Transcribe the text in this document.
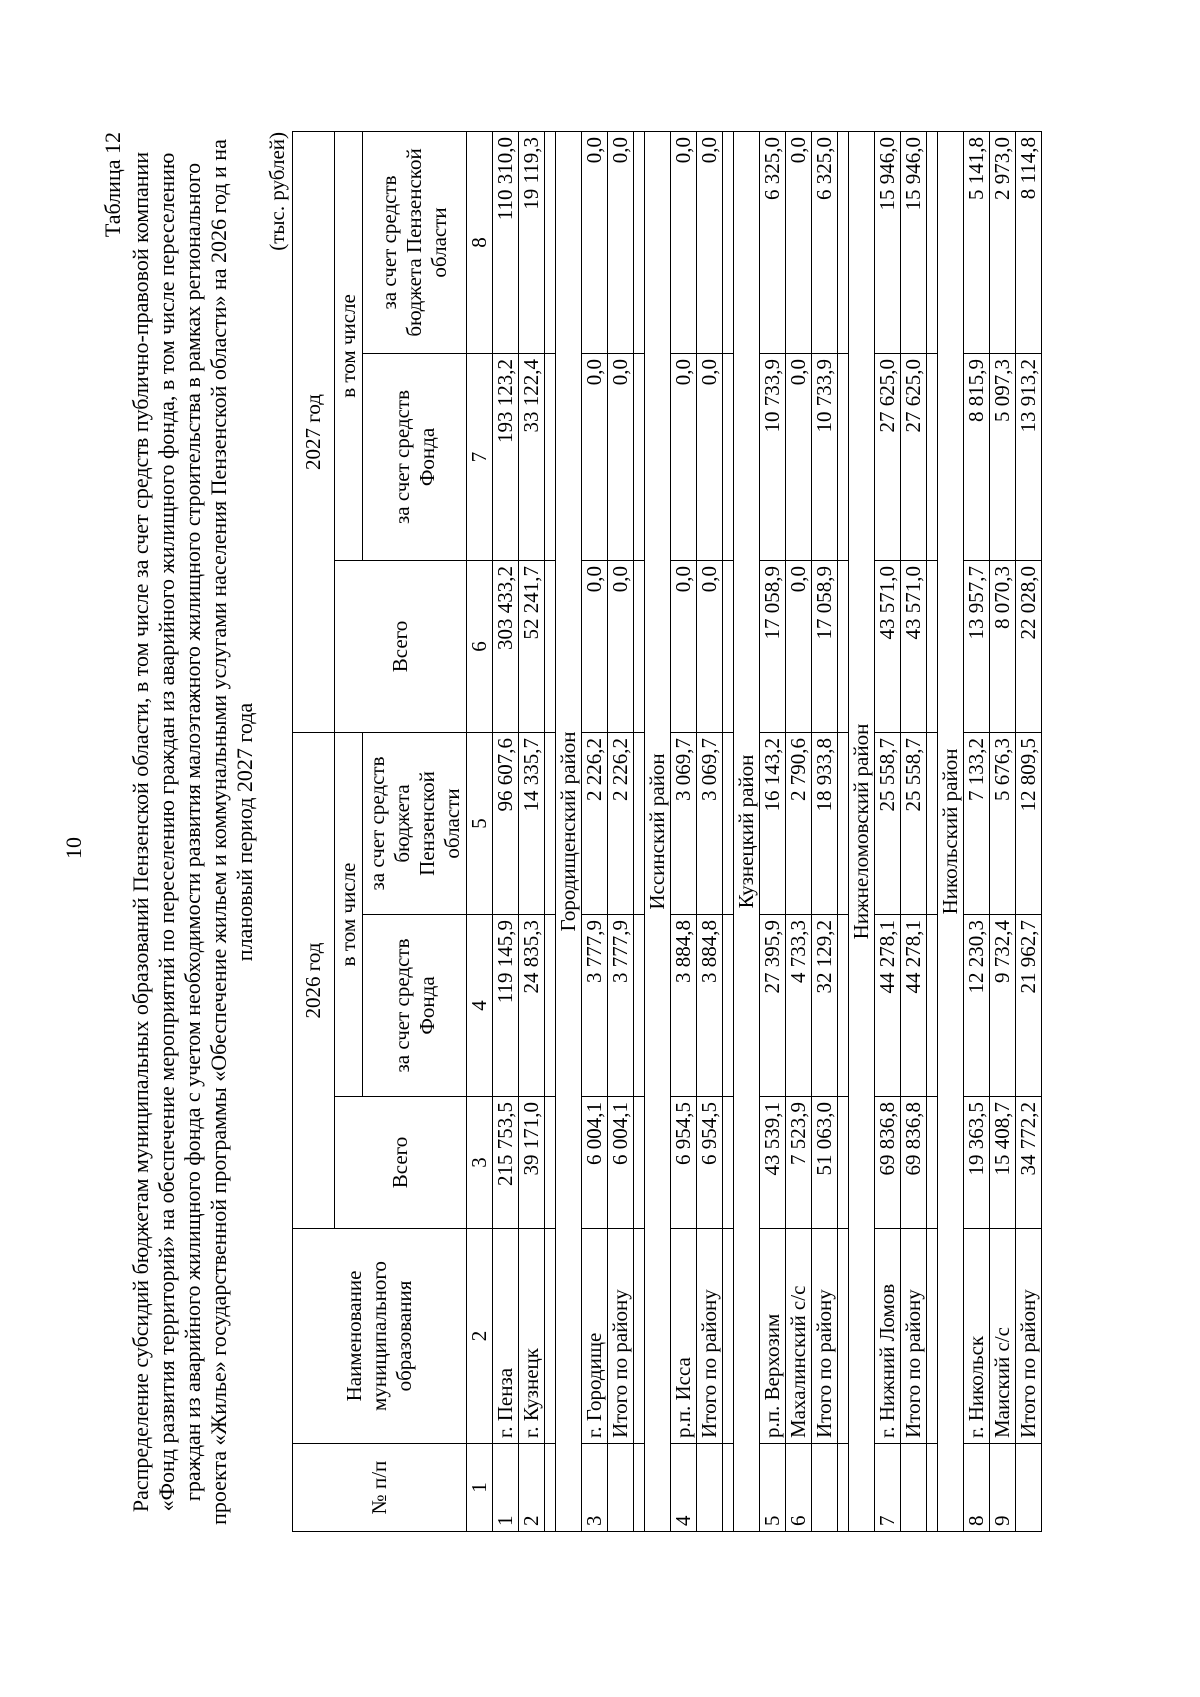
10
Таблица 12 Распределение субсидий бюджетам муниципальных образований Пензенской области, в том числе за счет средств публично-правовой компании «Фонд развития территорий» на обеспечение мероприятий по переселению граждан из аварийного жилищного фонда, в том числе переселению граждан из аварийного жилищного фонда с учетом необходимости развития малоэтажного жилищного строительства в рамках регионального проекта «Жилье» государственной программы «Обеспечение жильем и коммунальными услугами населения Пензенской области» на 2026 год и на плановый период 2027 года
(тыс. рублей)
№ п/п	Наименование муниципального образования	2026 год			2027 год		
		Всего	в том числе		Всего	в том числе	
			за счет средств Фонда	за счет средств бюджета Пензенской области		за счет средств Фонда	за счет средств бюджета Пензенской области
1	2	3	4	5	6	7	8
1	г. Пенза	215 753,5	119 145,9	96 607,6	303 433,2	193 123,2	110 310,0
2	г. Кузнецк	39 171,0	24 835,3	14 335,7	52 241,7	33 122,4	19 119,3

Городищенский район							
3	г. Городище	6 004,1	3 777,9	2 226,2	0,0	0,0	0,0
	Итого по району	6 004,1	3 777,9	2 226,2	0,0	0,0	0,0

Иссинский район							
4	р.п. Исса	6 954,5	3 884,8	3 069,7	0,0	0,0	0,0
	Итого по району	6 954,5	3 884,8	3 069,7	0,0	0,0	0,0

Кузнецкий район							
5	р.п. Верхозим	43 539,1	27 395,9	16 143,2	17 058,9	10 733,9	6 325,0
6	Махалинский с/с	7 523,9	4 733,3	2 790,6	0,0	0,0	0,0
	Итого по району	51 063,0	32 129,2	18 933,8	17 058,9	10 733,9	6 325,0

Нижнеломовский район							
7	г. Нижний Ломов	69 836,8	44 278,1	25 558,7	43 571,0	27 625,0	15 946,0
	Итого по району	69 836,8	44 278,1	25 558,7	43 571,0	27 625,0	15 946,0

Никольский район							
8	г. Никольск	19 363,5	12 230,3	7 133,2	13 957,7	8 815,9	5 141,8
9	Маиский с/с	15 408,7	9 732,4	5 676,3	8 070,3	5 097,3	2 973,0
	Итого по району	34 772,2	21 962,7	12 809,5	22 028,0	13 913,2	8 114,8
